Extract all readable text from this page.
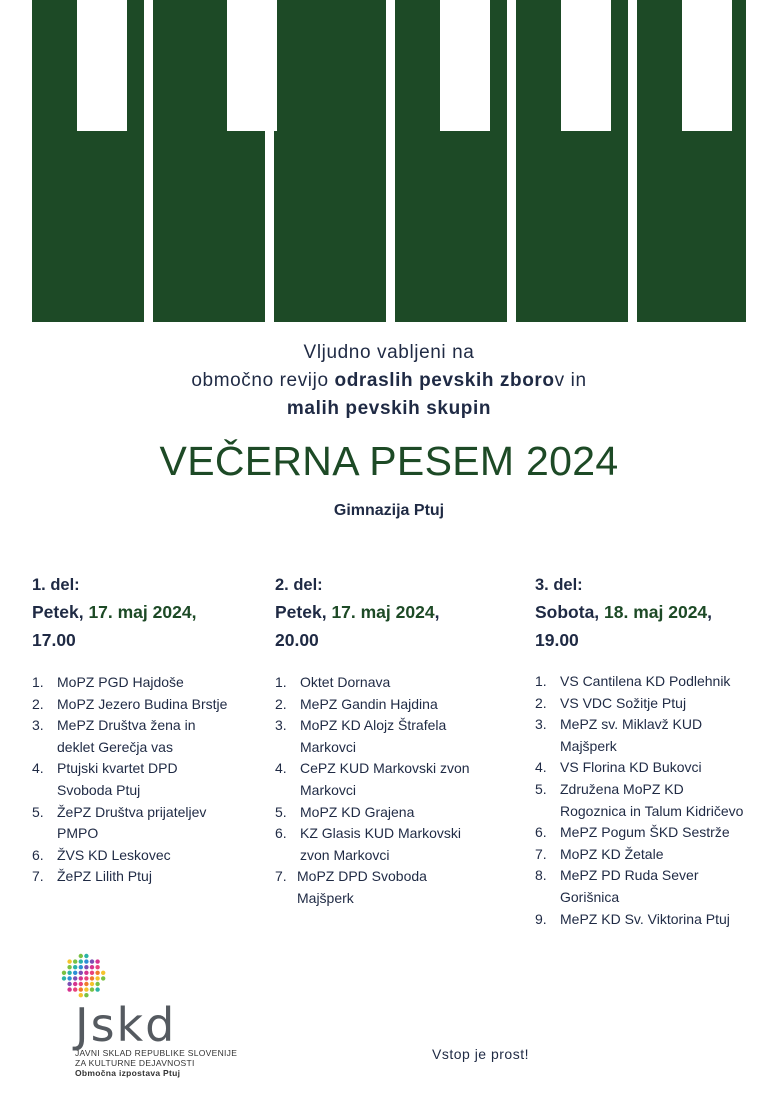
Vljudno vabljeni na
območno revijo odraslih pevskih zborov in
malih pevskih skupin
VEČERNA PESEM 2024
Gimnazija Ptuj
1. del:
Petek, 17. maj 2024,
17.00
1. MoPZ PGD Hajdoše
2. MoPZ Jezero Budina Brstje
3. MePZ Društva žena in
deklet Gerečja vas
4. Ptujski kvartet DPD
Svoboda Ptuj
5. ŽePZ Društva prijateljev
PMPO
6. ŽVS KD Leskovec
7. ŽePZ Lilith Ptuj
2. del:
Petek, 17. maj 2024,
20.00
1. Oktet Dornava
2. MePZ Gandin Hajdina
3. MoPZ KD Alojz Štrafela
Markovci
4. CePZ KUD Markovski zvon
Markovci
5. MoPZ KD Grajena
6. KZ Glasis KUD Markovski
zvon Markovci
7. MoPZ DPD Svoboda
Majšperk
3. del:
Sobota, 18. maj 2024,
19.00
1. VS Cantilena KD Podlehnik
2. VS VDC Sožitje Ptuj
3. MePZ sv. Miklavž KUD
Majšperk
4. VS Florina KD Bukovci
5. Združena MoPZ KD
Rogoznica in Talum Kidričevo
6. MePZ Pogum ŠKD Sestrže
7. MoPZ KD Žetale
8. MePZ PD Ruda Sever
Gorišnica
9. MePZ KD Sv. Viktorina Ptuj
Jskd
JAVNI SKLAD REPUBLIKE SLOVENIJE
ZA KULTURNE DEJAVNOSTI
Območna izpostava Ptuj
Vstop je prost!
